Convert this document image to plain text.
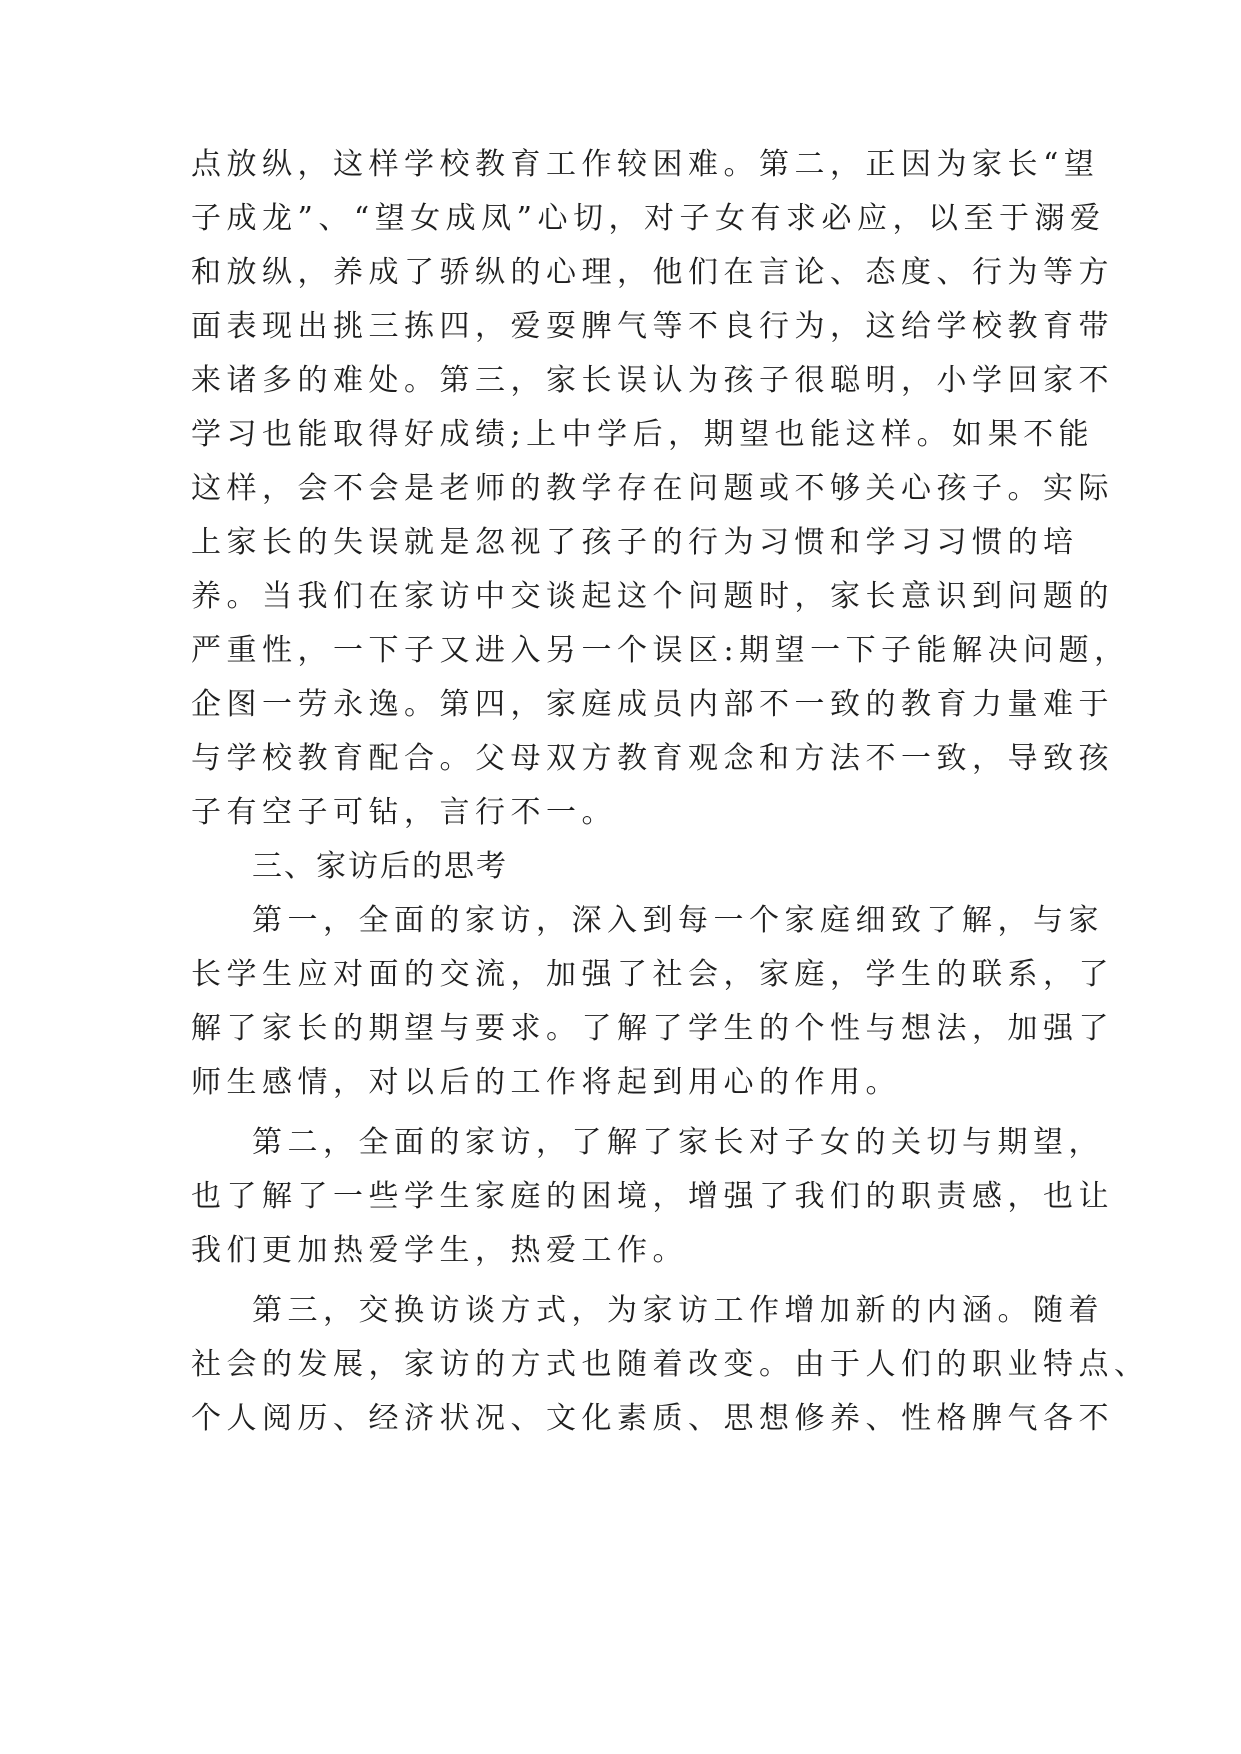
点放纵，这样学校教育工作较困难。第二，正因为家长“望
子成龙”、“望女成凤”心切，对子女有求必应，以至于溺爱
和放纵，养成了骄纵的心理，他们在言论、态度、行为等方
面表现出挑三拣四，爱耍脾气等不良行为，这给学校教育带
来诸多的难处。第三，家长误认为孩子很聪明，小学回家不
学习也能取得好成绩;上中学后，期望也能这样。如果不能
这样，会不会是老师的教学存在问题或不够关心孩子。实际
上家长的失误就是忽视了孩子的行为习惯和学习习惯的培
养。当我们在家访中交谈起这个问题时，家长意识到问题的
严重性，一下子又进入另一个误区:期望一下子能解决问题，
企图一劳永逸。第四，家庭成员内部不一致的教育力量难于
与学校教育配合。父母双方教育观念和方法不一致，导致孩
子有空子可钻，言行不一。
三、家访后的思考
第一，全面的家访，深入到每一个家庭细致了解，与家
长学生应对面的交流，加强了社会，家庭，学生的联系，了
解了家长的期望与要求。了解了学生的个性与想法，加强了
师生感情，对以后的工作将起到用心的作用。
第二，全面的家访，了解了家长对子女的关切与期望，
也了解了一些学生家庭的困境，增强了我们的职责感，也让
我们更加热爱学生，热爱工作。
第三，交换访谈方式，为家访工作增加新的内涵。随着
社会的发展，家访的方式也随着改变。由于人们的职业特点、
个人阅历、经济状况、文化素质、思想修养、性格脾气各不
